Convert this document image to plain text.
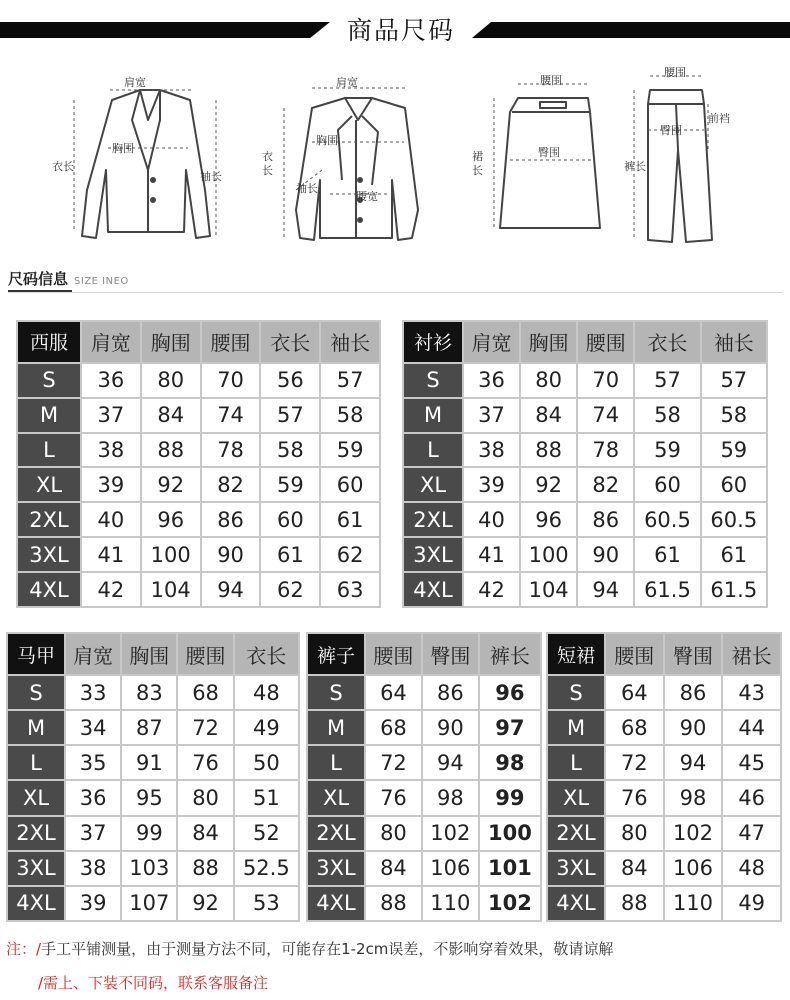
商品尺码
肩宽
胸围
衣长
袖长
肩宽
胸围
衣长
袖长
腰宽
腰围
臀围
裙长
腰围
臀围
前裆
裤长
尺码信息 SIZE INEO
西服	肩宽	胸围	腰围	衣长	袖长
S	36	80	70	56	57
M	37	84	74	57	58
L	38	88	78	58	59
XL	39	92	82	59	60
2XL	40	96	86	60	61
3XL	41	100	90	61	62
4XL	42	104	94	62	63
衬衫	肩宽	胸围	腰围	衣长	袖长
S	36	80	70	57	57
M	37	84	74	58	58
L	38	88	78	59	59
XL	39	92	82	60	60
2XL	40	96	86	60.5	60.5
3XL	41	100	90	61	61
4XL	42	104	94	61.5	61.5
马甲	肩宽	胸围	腰围	衣长
S	33	83	68	48
M	34	87	72	49
L	35	91	76	50
XL	36	95	80	51
2XL	37	99	84	52
3XL	38	103	88	52.5
4XL	39	107	92	53
裤子	腰围	臀围	裤长
S	64	86	96
M	68	90	97
L	72	94	98
XL	76	98	99
2XL	80	102	100
3XL	84	106	101
4XL	88	110	102
短裙	腰围	臀围	裙长
S	64	86	43
M	68	90	44
L	72	94	45
XL	76	98	46
2XL	80	102	47
3XL	84	106	48
4XL	88	110	49
注：/手工平铺测量，由于测量方法不同，可能存在1-2cm误差，不影响穿着效果，敬请谅解
/需上、下装不同码，联系客服备注
